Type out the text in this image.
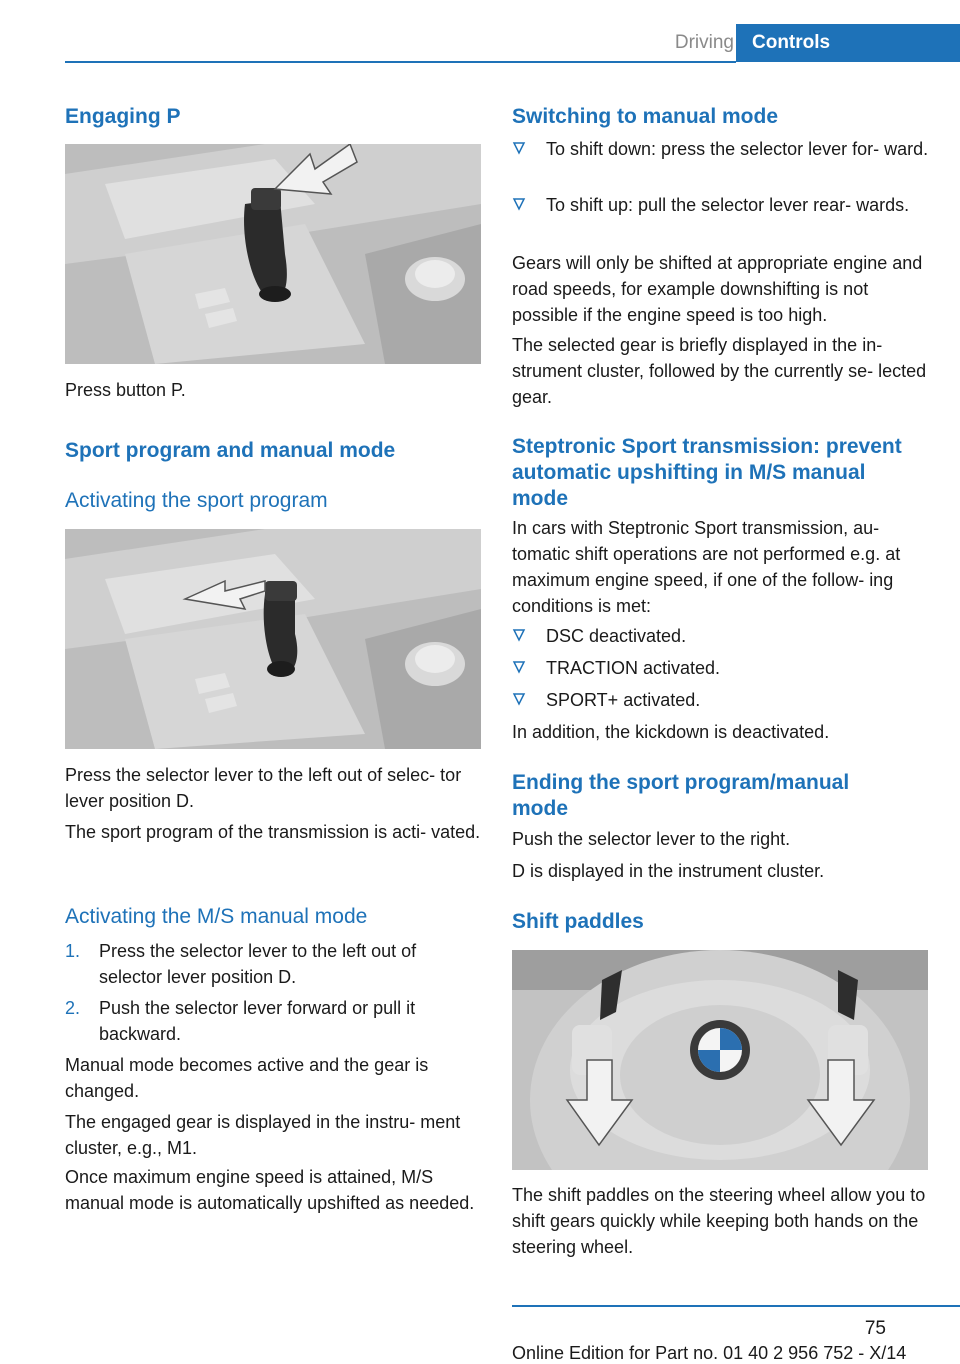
Driving Controls
Engaging P

Press button P.

Sport program and manual mode
Activating the sport program

Press the selector lever to the left out of selec‑ tor lever position D.

The sport program of the transmission is acti‑ vated.

Activating the M/S manual mode
1. Press the selector lever to the left out of selector lever position D.
2. Push the selector lever forward or pull it backward.

Manual mode becomes active and the gear is changed.

The engaged gear is displayed in the instru‑ ment cluster, e.g., M1.

Once maximum engine speed is attained, M/S manual mode is automatically upshifted as needed.

Switching to manual mode
To shift down: press the selector lever for‑ ward.
To shift up: pull the selector lever rear‑ wards.

Gears will only be shifted at appropriate engine and road speeds, for example downshifting is not possible if the engine speed is too high.

The selected gear is briefly displayed in the in‑ strument cluster, followed by the currently se‑ lected gear.

Steptronic Sport transmission: prevent automatic upshifting in M/S manual mode

In cars with Steptronic Sport transmission, au‑ tomatic shift operations are not performed e.g. at maximum engine speed, if one of the follow‑ ing conditions is met:

DSC deactivated.
TRACTION activated.
SPORT+ activated.

In addition, the kickdown is deactivated.

Ending the sport program/manual mode

Push the selector lever to the right.

D is displayed in the instrument cluster.

Shift paddles

The shift paddles on the steering wheel allow you to shift gears quickly while keeping both hands on the steering wheel.

75
Online Edition for Part no. 01 40 2 956 752 - X/14
